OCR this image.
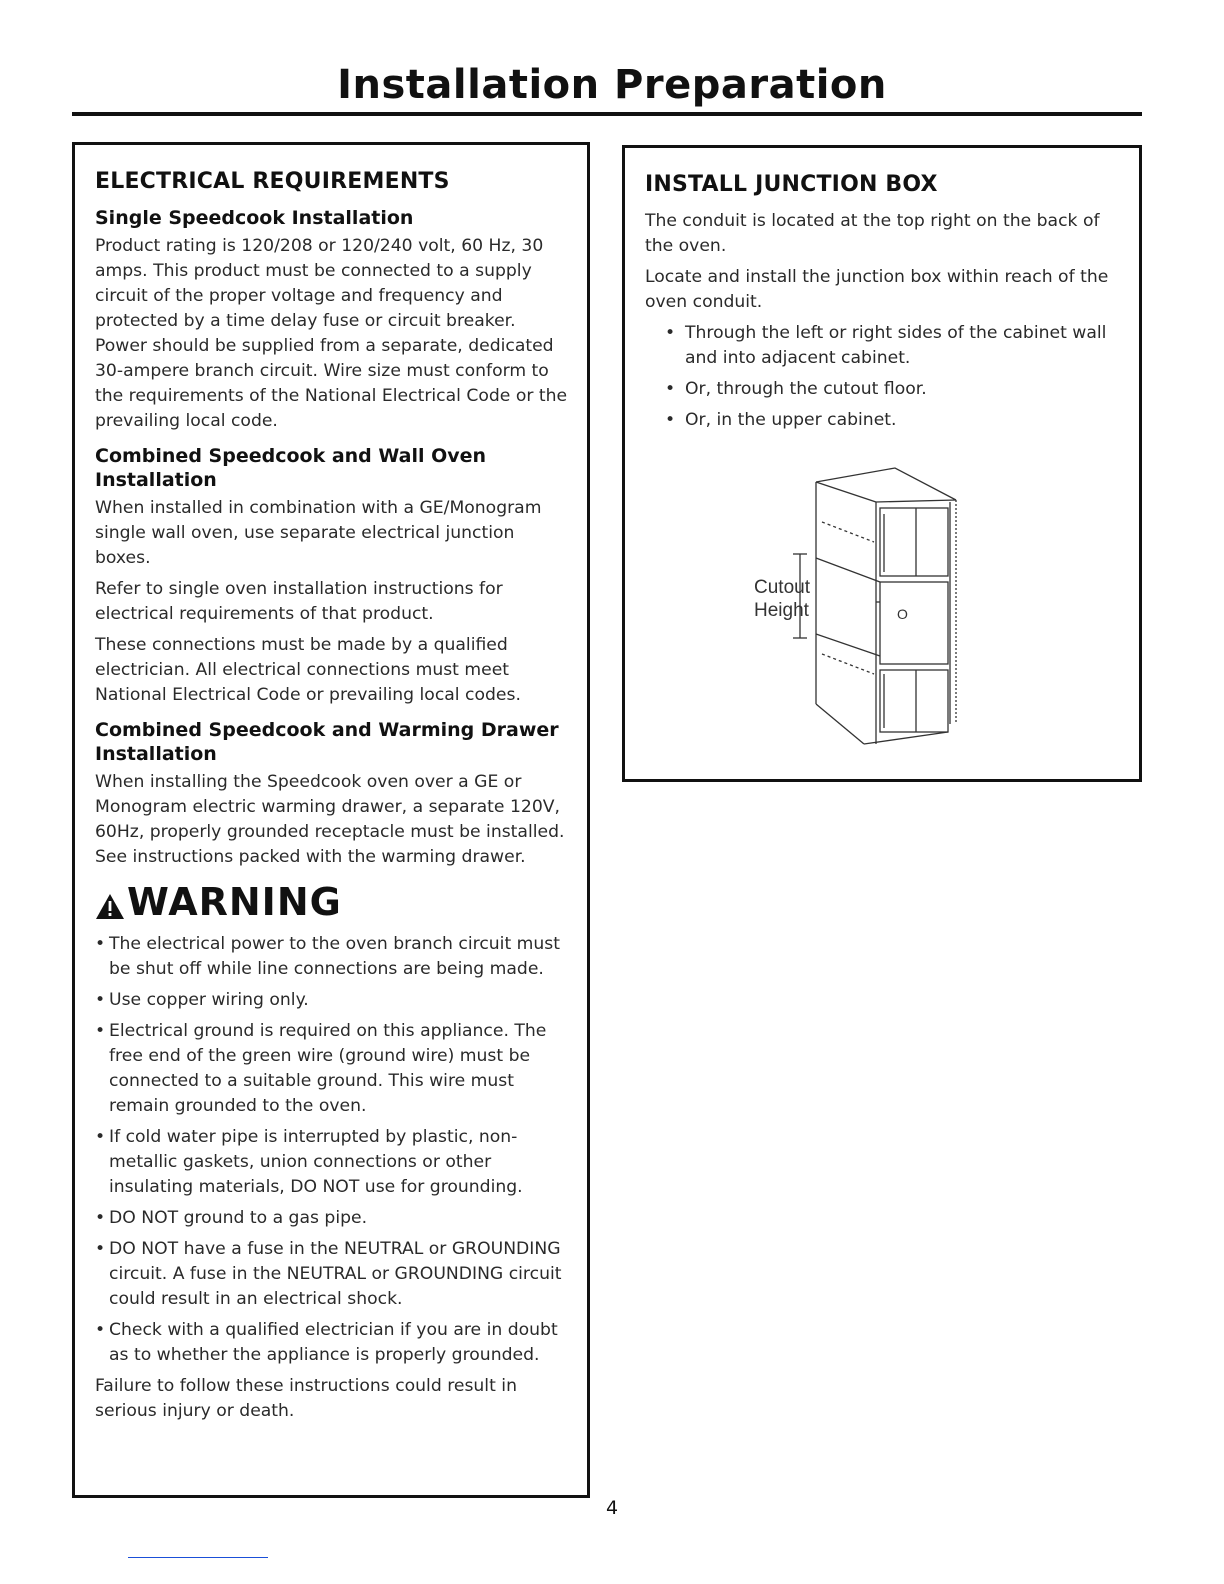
Installation Preparation
ELECTRICAL REQUIREMENTS
Single Speedcook Installation

Product rating is 120/208 or 120/240 volt, 60 Hz, 30 amps. This product must be connected to a supply circuit of the proper voltage and frequency and protected by a time delay fuse or circuit breaker. Power should be supplied from a separate, dedicated 30-ampere branch circuit. Wire size must conform to the requirements of the National Electrical Code or the prevailing local code.

Combined Speedcook and Wall Oven Installation

When installed in combination with a GE/Monogram single wall oven, use separate electrical junction boxes.

Refer to single oven installation instructions for electrical requirements of that product.

These connections must be made by a qualified electrician. All electrical connections must meet National Electrical Code or prevailing local codes.

Combined Speedcook and Warming Drawer Installation

When installing the Speedcook oven over a GE or Monogram electric warming drawer, a separate 120V, 60Hz, properly grounded receptacle must be installed. See instructions packed with the warming drawer.

WARNING
• The electrical power to the oven branch circuit must be shut off while line connections are being made.
• Use copper wiring only.
• Electrical ground is required on this appliance. The free end of the green wire (ground wire) must be connected to a suitable ground. This wire must remain grounded to the oven.
• If cold water pipe is interrupted by plastic, non-metallic gaskets, union connections or other insulating materials, DO NOT use for grounding.
• DO NOT ground to a gas pipe.
• DO NOT have a fuse in the NEUTRAL or GROUNDING circuit. A fuse in the NEUTRAL or GROUNDING circuit could result in an electrical shock.
• Check with a qualified electrician if you are in doubt as to whether the appliance is properly grounded.

Failure to follow these instructions could result in serious injury or death.

INSTALL JUNCTION BOX

The conduit is located at the top right on the back of the oven.

Locate and install the junction box within reach of the oven conduit.

• Through the left or right sides of the cabinet wall and into adjacent cabinet.
• Or, through the cutout floor.
• Or, in the upper cabinet.
Cutout
Height	O
4
